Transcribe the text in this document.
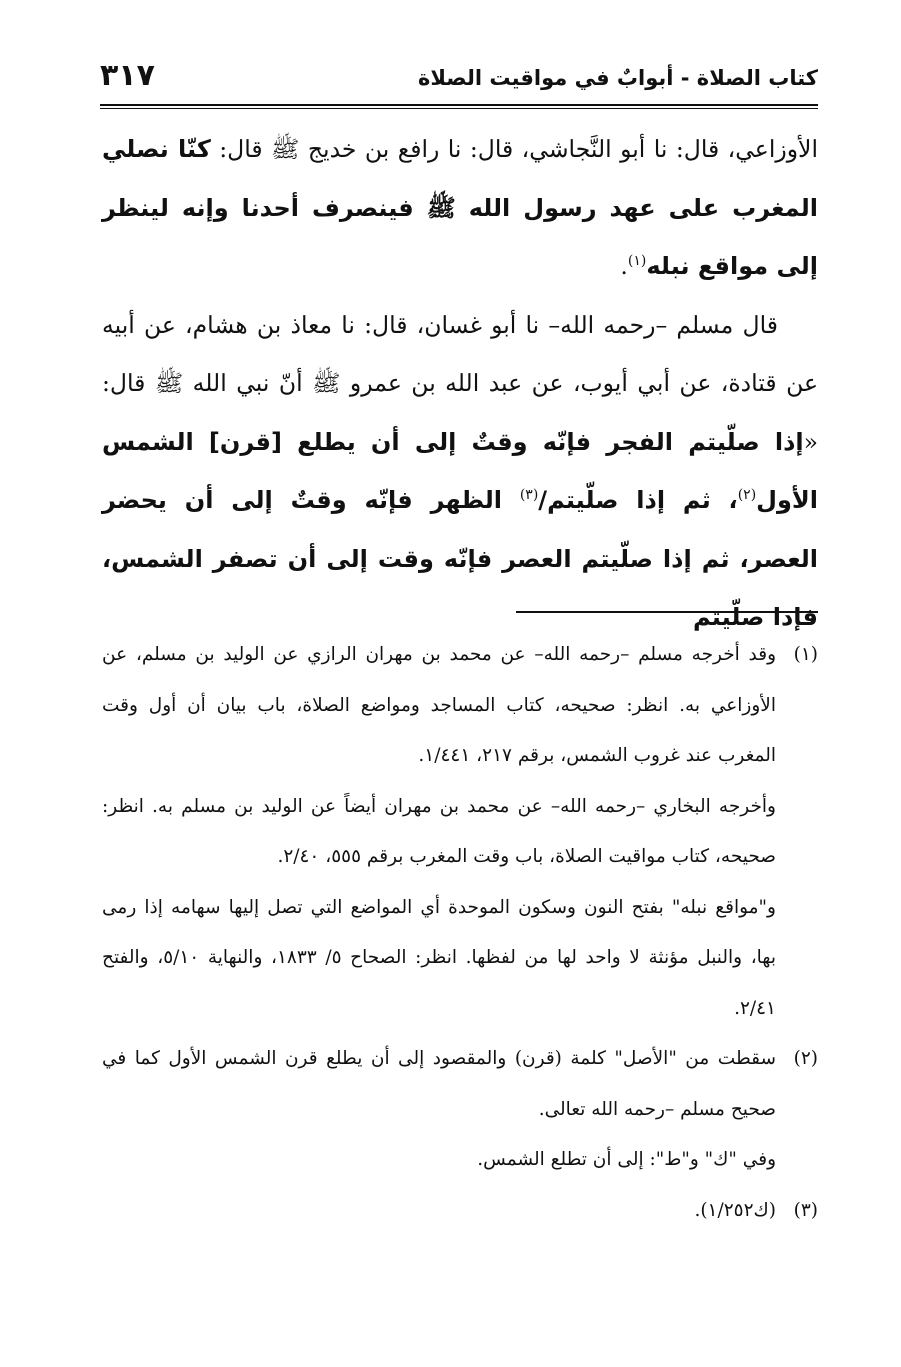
كتاب الصلاة - أبوابٌ في مواقيت الصلاة
٣١٧

الأوزاعي، قال: نا أبو النَّجاشي، قال: نا رافع بن خديج ﷺ قال: كنّا نصلي المغرب على عهد رسول الله ﷺ فينصرف أحدنا وإنه لينظر إلى مواقع نبله$^{(١)}$.

قال مسلم –رحمه الله– نا أبو غسان، قال: نا معاذ بن هشام، عن أبيه عن قتادة، عن أبي أيوب، عن عبد الله بن عمرو ﷺ أنّ نبي الله ﷺ قال: «إذا صلّيتم الفجر فإنّه وقتٌ إلى أن يطلع [قرن] الشمس الأول$^{(٢)}$، ثم إذا صلّيتم/$^{(٣)}$ الظهر فإنّه وقتٌ إلى أن يحضر العصر، ثم إذا صلّيتم العصر فإنّه وقت إلى أن تصفر الشمس، فإذا صلّيتم

(١)وقد أخرجه مسلم –رحمه الله– عن محمد بن مهران الرازي عن الوليد بن مسلم، عن الأوزاعي به. انظر: صحيحه، كتاب المساجد ومواضع الصلاة، باب بيان أن أول وقت المغرب عند غروب الشمس، برقم ٢١٧، ١/٤٤١.
وأخرجه البخاري –رحمه الله– عن محمد بن مهران أيضاً عن الوليد بن مسلم به. انظر: صحيحه، كتاب مواقيت الصلاة، باب وقت المغرب برقم ٥٥٥، ٢/٤٠.
و"مواقع نبله" بفتح النون وسكون الموحدة أي المواضع التي تصل إليها سهامه إذا رمى بها، والنبل مؤنثة لا واحد لها من لفظها. انظر: الصحاح ٥/ ١٨٣٣، والنهاية ٥/١٠، والفتح ٢/٤١.
(٢)سقطت من "الأصل" كلمة (قرن) والمقصود إلى أن يطلع قرن الشمس الأول كما في صحيح مسلم –رحمه الله تعالى.
وفي "ك" و"ط": إلى أن تطلع الشمس.
(٣)(ك١/٢٥٢).
